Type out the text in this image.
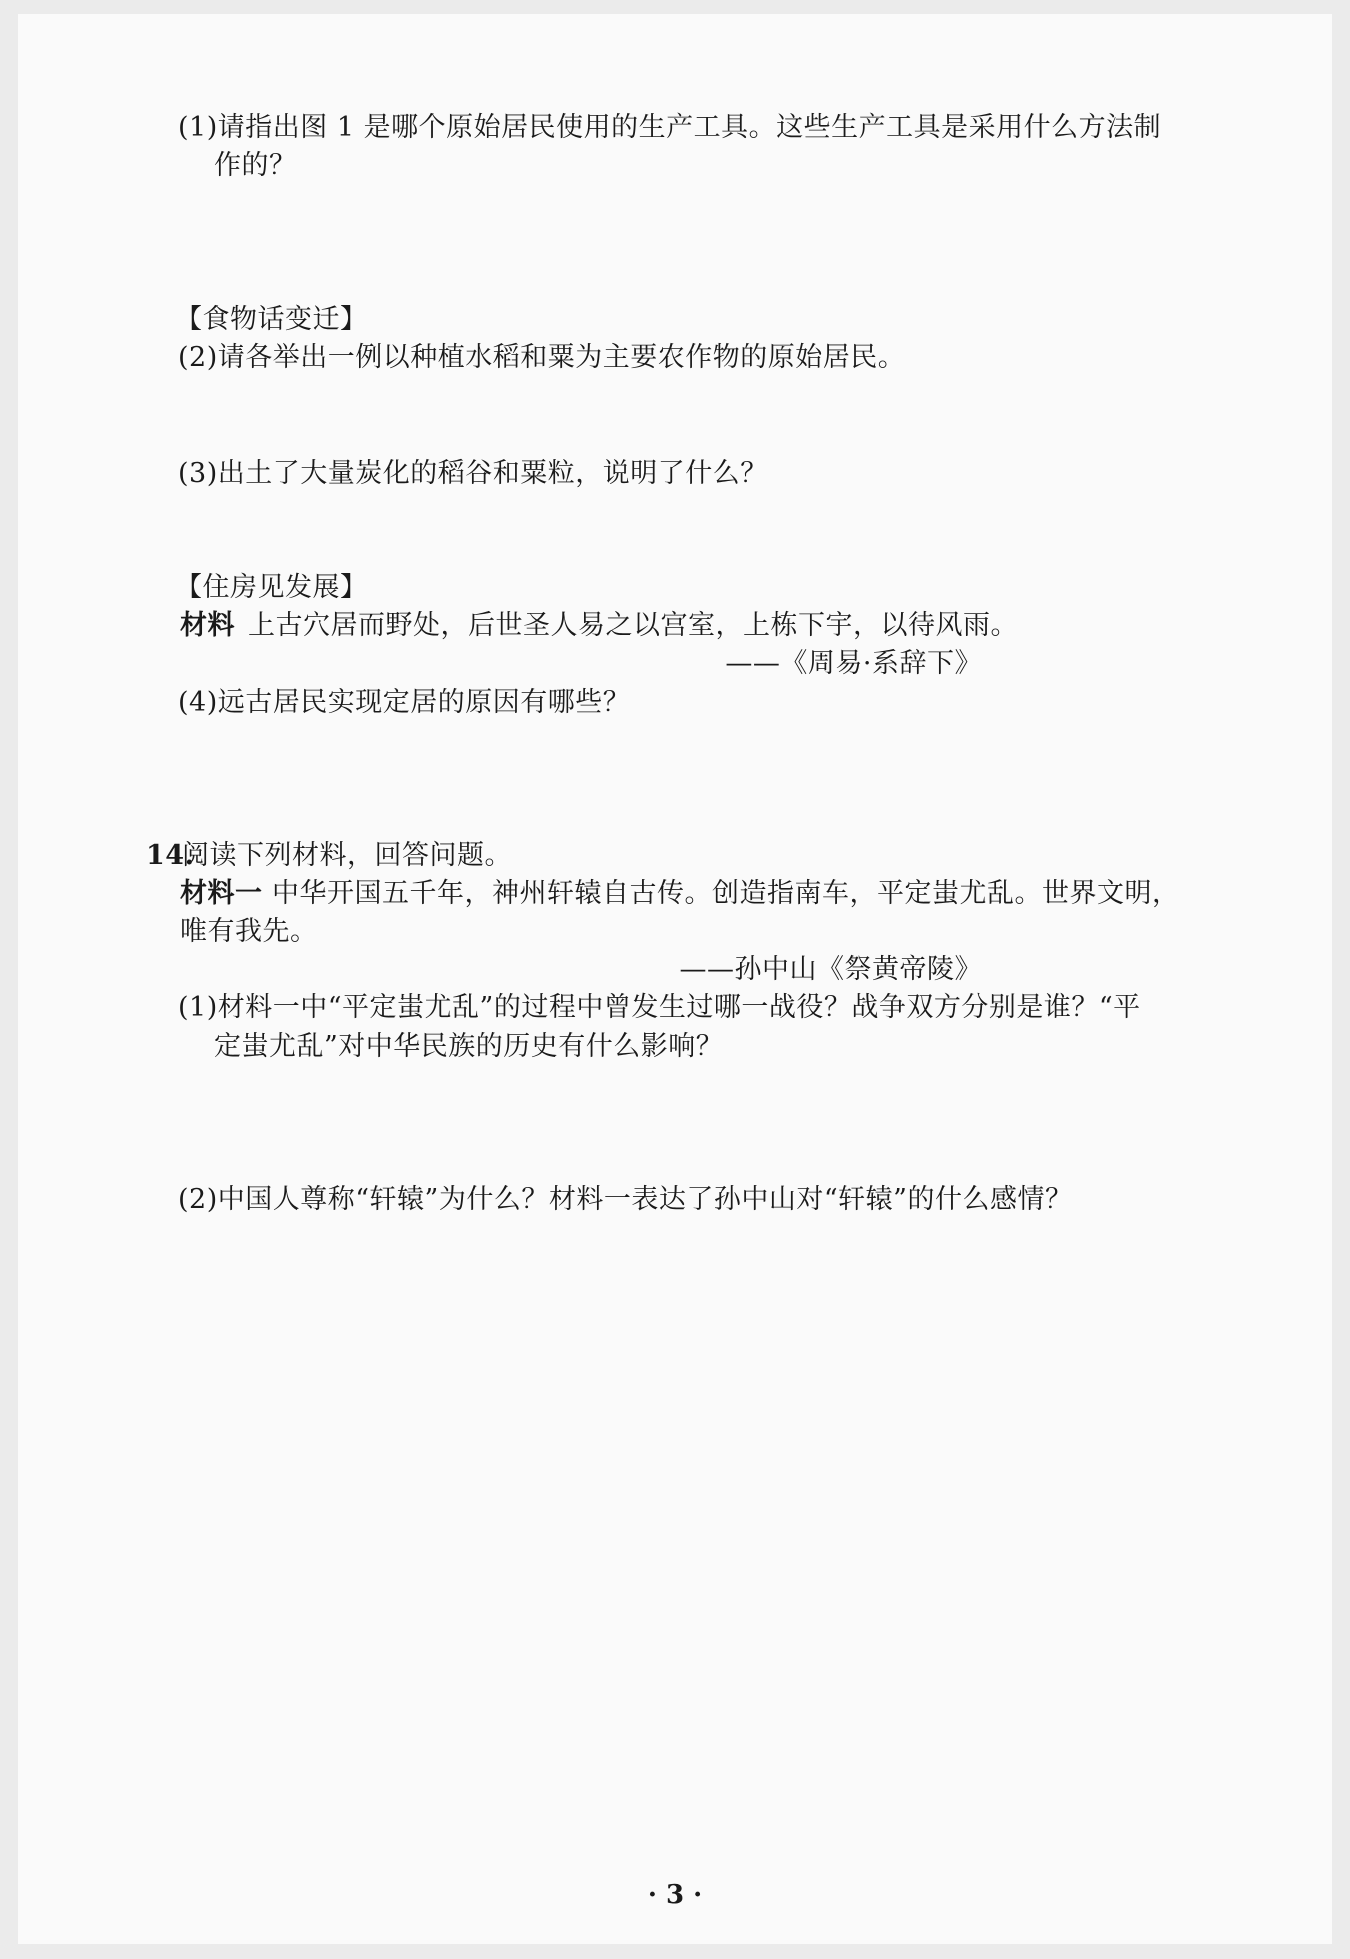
(1)请指出图 1 是哪个原始居民使用的生产工具。这些生产工具是采用什么方法制
作的？
【食物话变迁】
(2)请各举出一例以种植水稻和粟为主要农作物的原始居民。
(3)出土了大量炭化的稻谷和粟粒，说明了什么？
【住房见发展】
材料 上古穴居而野处，后世圣人易之以宫室，上栋下宇，以待风雨。
——《周易·系辞下》
(4)远古居民实现定居的原因有哪些？
14.
阅读下列材料，回答问题。
材料一 中华开国五千年，神州轩辕自古传。创造指南车，平定蚩尤乱。世界文明，
唯有我先。
——孙中山《祭黄帝陵》
(1)材料一中“平定蚩尤乱”的过程中曾发生过哪一战役？战争双方分别是谁？“平
定蚩尤乱”对中华民族的历史有什么影响？
(2)中国人尊称“轩辕”为什么？材料一表达了孙中山对“轩辕”的什么感情？
· 3 ·
